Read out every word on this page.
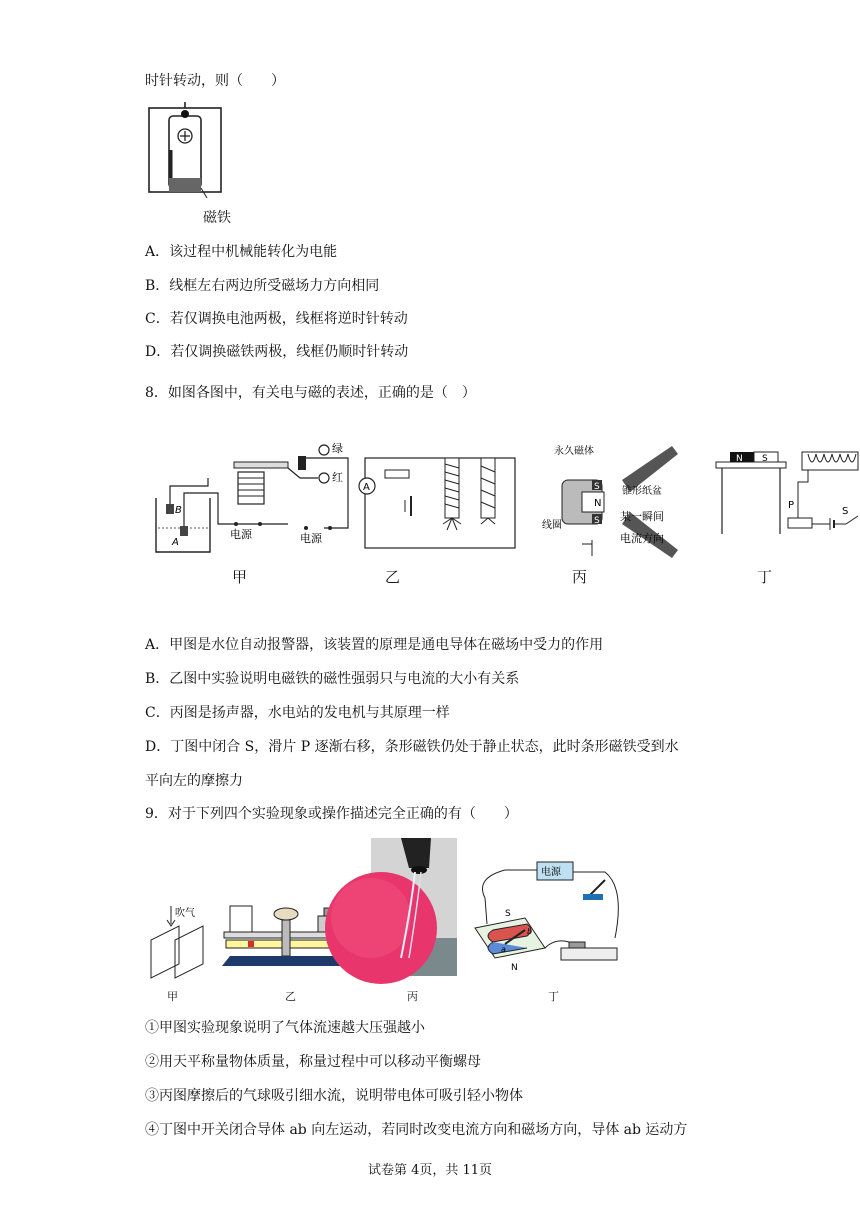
时针转动，则（　　）
磁铁
A．该过程中机械能转化为电能
B．线框左右两边所受磁场力方向相同
C．若仅调换电池两极，线框将逆时针转动
D．若仅调换磁铁两极，线框仍顺时针转动
8．如图各图中，有关电与磁的表述，正确的是（　）
B
A
绿
红
电源	电源
甲
A
乙
永久磁体
锥形纸盆
线圈
某一瞬间
电流方向
N
S
S
丙
N S
P
S
丁
A．甲图是水位自动报警器，该装置的原理是通电导体在磁场中受力的作用
B．乙图中实验说明电磁铁的磁性强弱只与电流的大小有关系
C．丙图是扬声器，水电站的发电机与其原理一样
D．丁图中闭合 S，滑片 P 逐渐右移，条形磁铁仍处于静止状态，此时条形磁铁受到水
平向左的摩擦力
9．对于下列四个实验现象或操作描述完全正确的有（　　）
吹气
甲	乙	丙
电源
S
N
b
a
丁
①甲图实验现象说明了气体流速越大压强越小
②用天平称量物体质量，称量过程中可以移动平衡螺母
③丙图摩擦后的气球吸引细水流，说明带电体可吸引轻小物体
④丁图中开关闭合导体 ab 向左运动，若同时改变电流方向和磁场方向，导体 ab 运动方
试卷第 4页，共 11页
